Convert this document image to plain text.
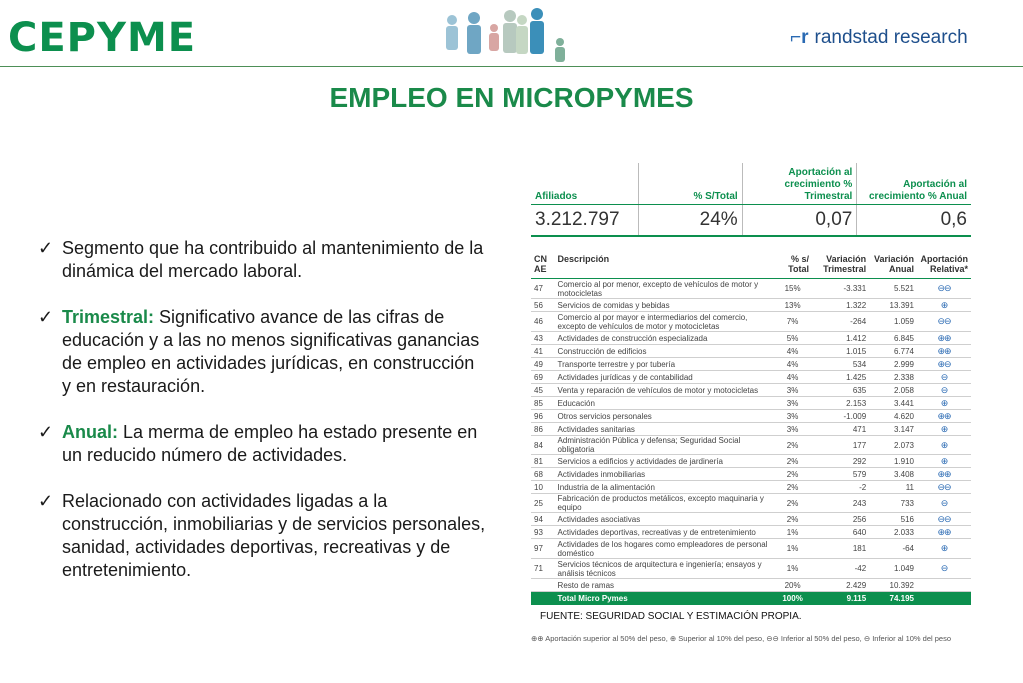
CEPYME	⌐r randstad research
EMPLEO EN MICROPYMES
✓ Segmento que ha contribuido al mantenimiento de la dinámica del mercado laboral.
✓ Trimestral: Significativo avance de las cifras de educación y a las no menos significativas ganancias de empleo en actividades jurídicas, en construcción y en restauración.
✓ Anual: La merma de empleo ha estado presente en un reducido número de actividades.
✓ Relacionado con actividades ligadas a la construcción, inmobiliarias y de servicios personales, sanidad, actividades deportivas, recreativas y de entretenimiento.
Afiliados	% S/Total	Aportación al crecimiento % Trimestral	Aportación al crecimiento % Anual
3.212.797	24%	0,07	0,6
CN AE	Descripción	% s/ Total	Variación Trimestral	Variación Anual	Aportación Relativa*
47	Comercio al por menor, excepto de vehículos de motor y motocicletas	15%	-3.331	5.521	⊖⊖
56	Servicios de comidas y bebidas	13%	1.322	13.391	⊕
46	Comercio al por mayor e intermediarios del comercio, excepto de vehículos de motor y motocicletas	7%	-264	1.059	⊖⊖
43	Actividades de construcción especializada	5%	1.412	6.845	⊕⊕
41	Construcción de edificios	4%	1.015	6.774	⊕⊕
49	Transporte terrestre y por tubería	4%	534	2.999	⊕⊖
69	Actividades jurídicas y de contabilidad	4%	1.425	2.338	⊖
45	Venta y reparación de vehículos de motor y motocicletas	3%	635	2.058	⊖
85	Educación	3%	2.153	3.441	⊕
96	Otros servicios personales	3%	-1.009	4.620	⊕⊕
86	Actividades sanitarias	3%	471	3.147	⊕
84	Administración Pública y defensa; Seguridad Social obligatoria	2%	177	2.073	⊕
81	Servicios a edificios y actividades de jardinería	2%	292	1.910	⊕
68	Actividades inmobiliarias	2%	579	3.408	⊕⊕
10	Industria de la alimentación	2%	-2	11	⊖⊖
25	Fabricación de productos metálicos, excepto maquinaria y equipo	2%	243	733	⊖
94	Actividades asociativas	2%	256	516	⊖⊖
93	Actividades deportivas, recreativas y de entretenimiento	1%	640	2.033	⊕⊕
97	Actividades de los hogares como empleadores de personal doméstico	1%	181	-64	⊕
71	Servicios técnicos de arquitectura e ingeniería; ensayos y análisis técnicos	1%	-42	1.049	⊖
	Resto de ramas	20%	2.429	10.392	
	Total Micro Pymes	100%	9.115	74.195	
FUENTE: SEGURIDAD SOCIAL Y ESTIMACIÓN PROPIA.
⊕⊕ Aportación superior al 50% del peso, ⊕ Superior al 10% del peso, ⊖⊖ Inferior al 50% del peso, ⊖ Inferior al 10% del peso
